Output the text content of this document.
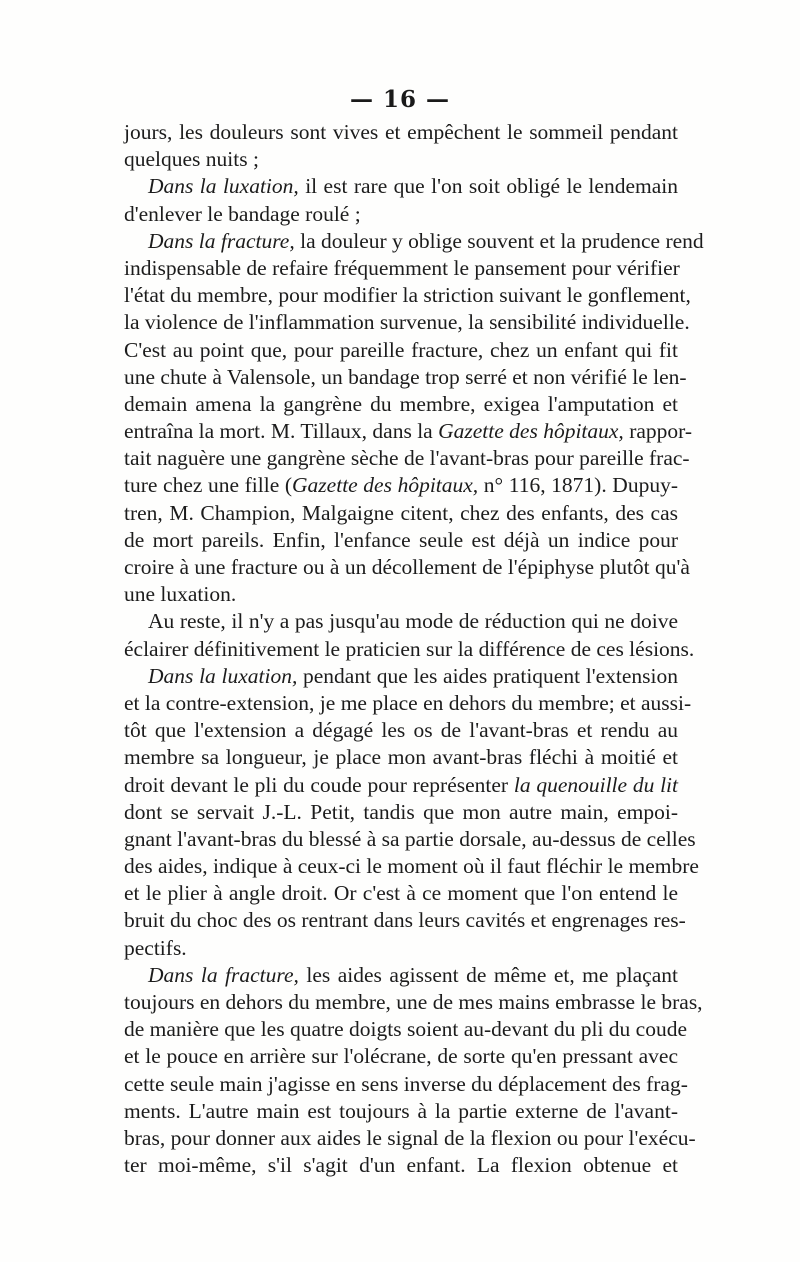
— 16 —
jours, les douleurs sont vives et empêchent le sommeil pendant
quelques nuits ;
Dans la luxation, il est rare que l'on soit obligé le lendemain
d'enlever le bandage roulé ;
Dans la fracture, la douleur y oblige souvent et la prudence rend
indispensable de refaire fréquemment le pansement pour vérifier
l'état du membre, pour modifier la striction suivant le gonflement,
la violence de l'inflammation survenue, la sensibilité individuelle.
C'est au point que, pour pareille fracture, chez un enfant qui fit
une chute à Valensole, un bandage trop serré et non vérifié le len-
demain amena la gangrène du membre, exigea l'amputation et
entraîna la mort. M. Tillaux, dans la Gazette des hôpitaux, rappor-
tait naguère une gangrène sèche de l'avant-bras pour pareille frac-
ture chez une fille (Gazette des hôpitaux, n° 116, 1871). Dupuy-
tren, M. Champion, Malgaigne citent, chez des enfants, des cas
de mort pareils. Enfin, l'enfance seule est déjà un indice pour
croire à une fracture ou à un décollement de l'épiphyse plutôt qu'à
une luxation.
Au reste, il n'y a pas jusqu'au mode de réduction qui ne doive
éclairer définitivement le praticien sur la différence de ces lésions.
Dans la luxation, pendant que les aides pratiquent l'extension
et la contre-extension, je me place en dehors du membre; et aussi-
tôt que l'extension a dégagé les os de l'avant-bras et rendu au
membre sa longueur, je place mon avant-bras fléchi à moitié et
droit devant le pli du coude pour représenter la quenouille du lit
dont se servait J.-L. Petit, tandis que mon autre main, empoi-
gnant l'avant-bras du blessé à sa partie dorsale, au-dessus de celles
des aides, indique à ceux-ci le moment où il faut fléchir le membre
et le plier à angle droit. Or c'est à ce moment que l'on entend le
bruit du choc des os rentrant dans leurs cavités et engrenages res-
pectifs.
Dans la fracture, les aides agissent de même et, me plaçant
toujours en dehors du membre, une de mes mains embrasse le bras,
de manière que les quatre doigts soient au-devant du pli du coude
et le pouce en arrière sur l'olécrane, de sorte qu'en pressant avec
cette seule main j'agisse en sens inverse du déplacement des frag-
ments. L'autre main est toujours à la partie externe de l'avant-
bras, pour donner aux aides le signal de la flexion ou pour l'exécu-
ter moi-même, s'il s'agit d'un enfant. La flexion obtenue et
